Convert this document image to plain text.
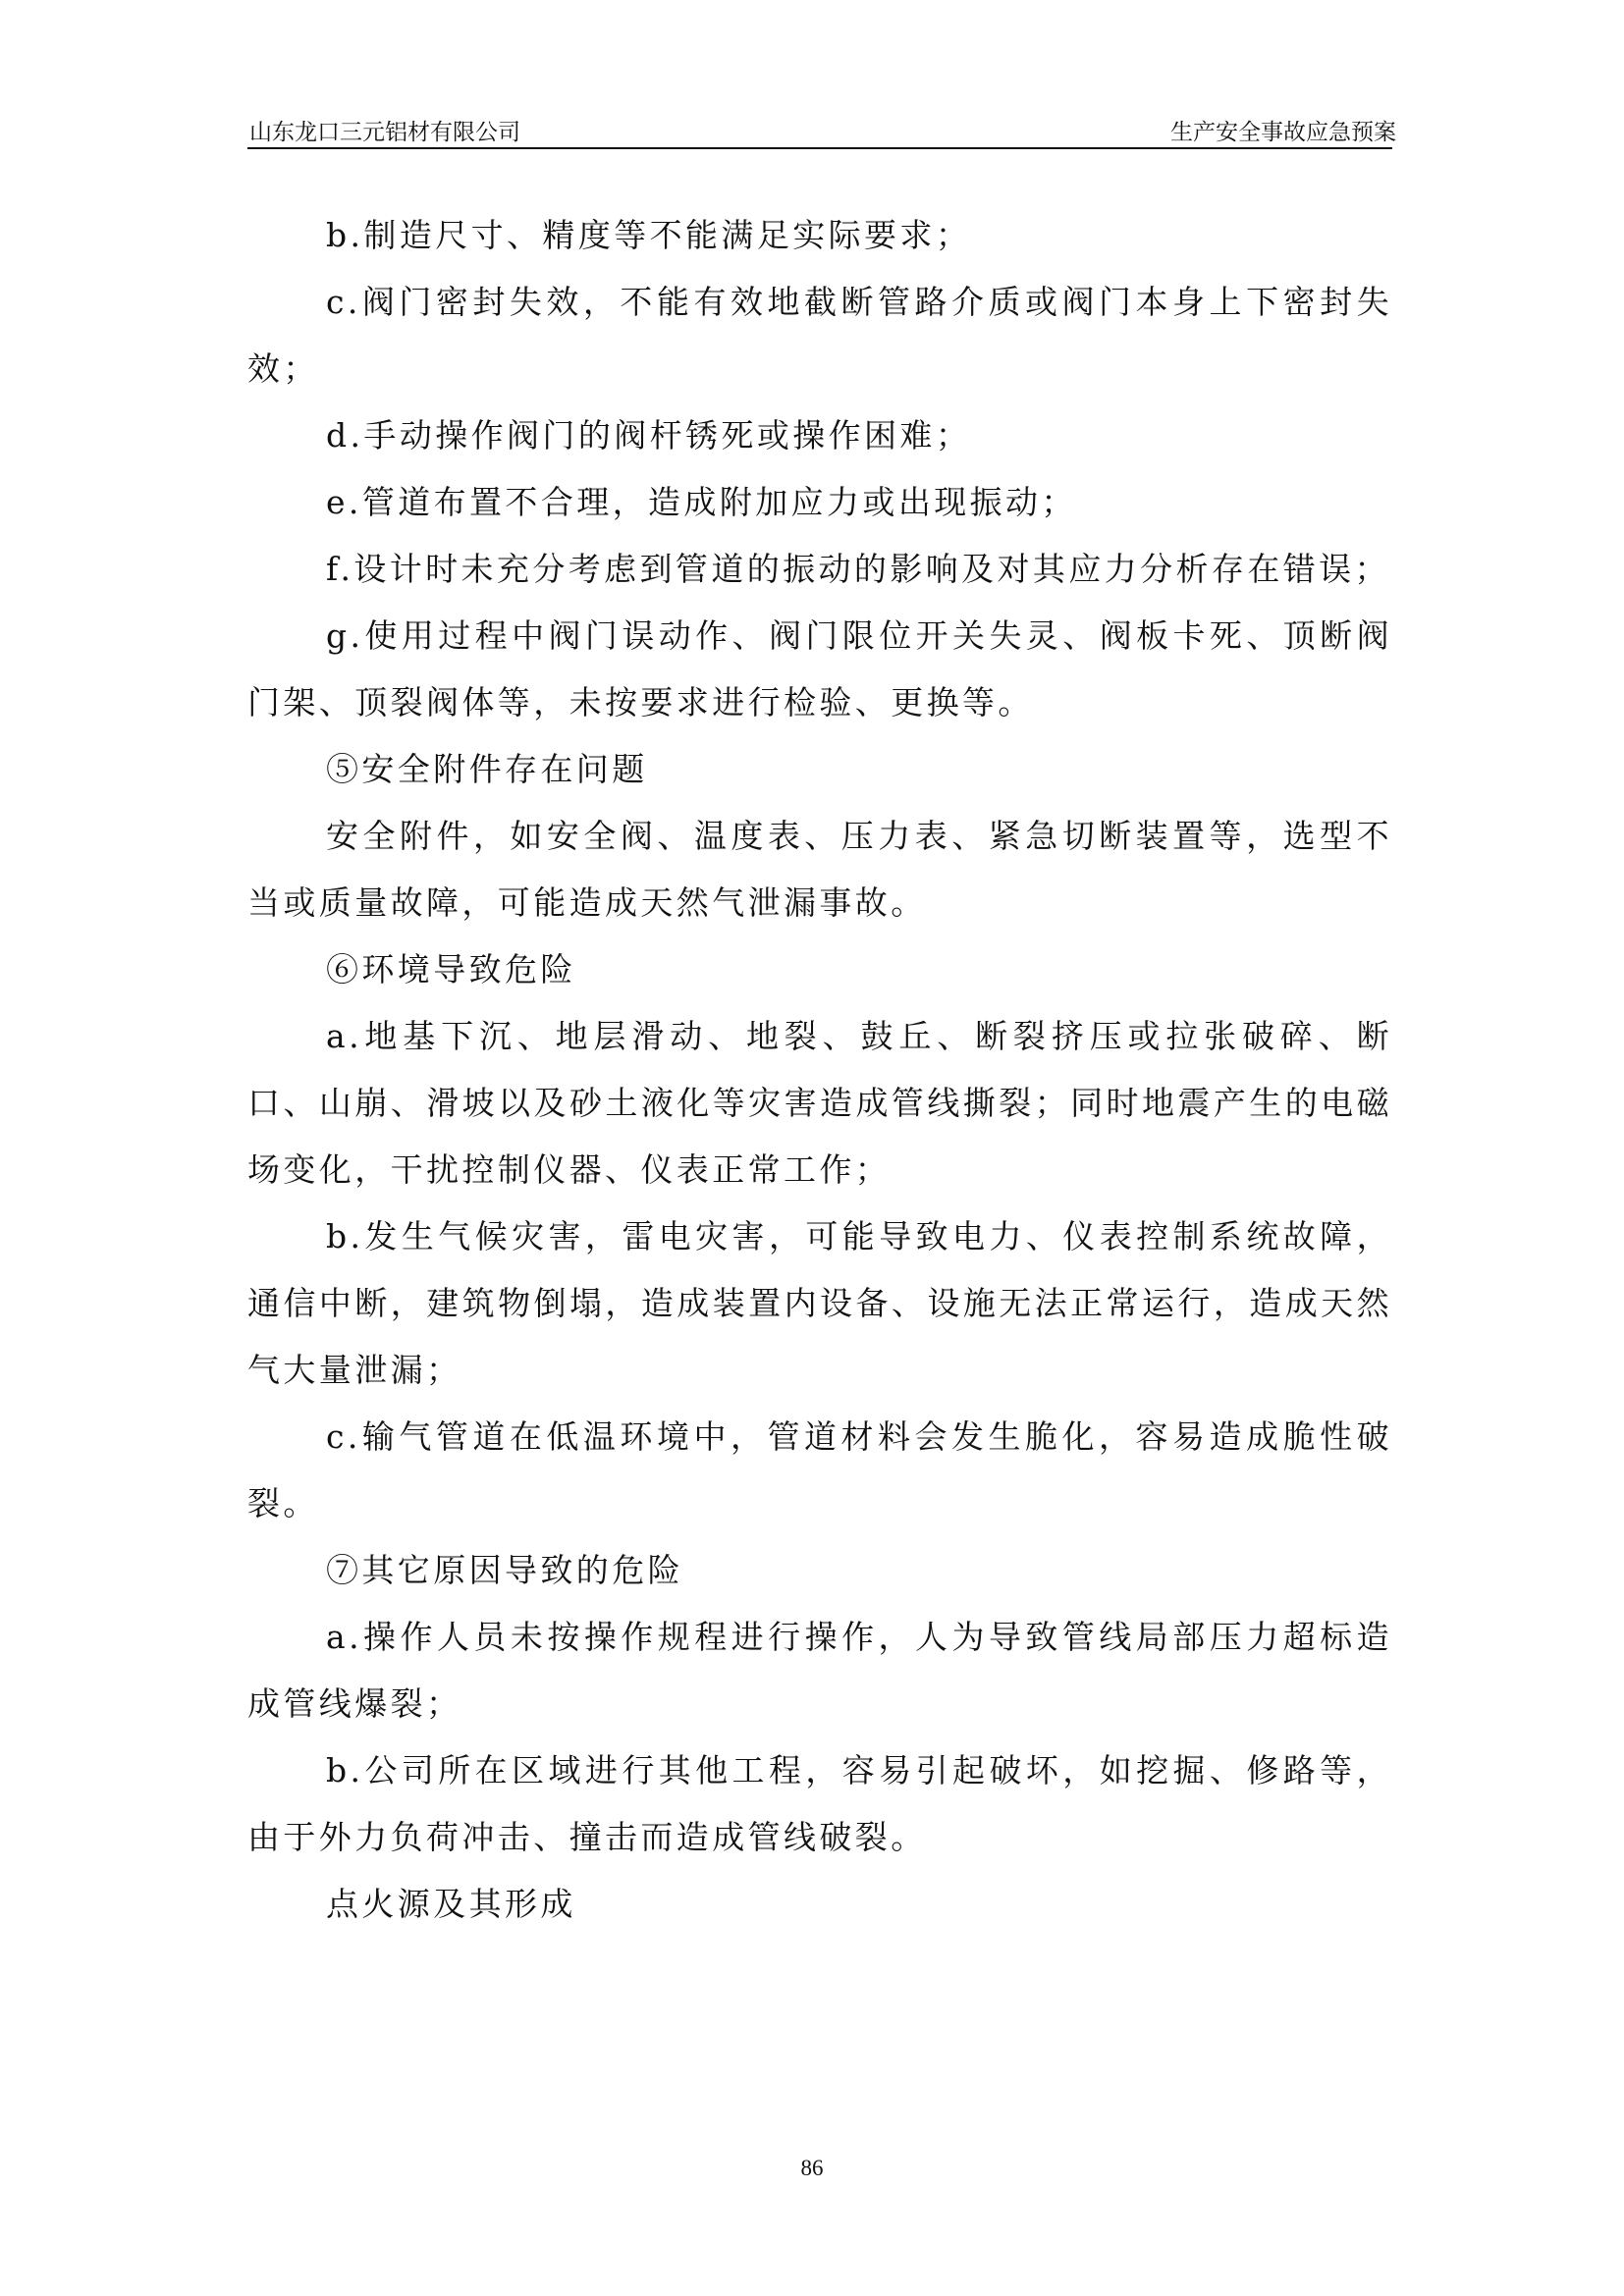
山东龙口三元铝材有限公司	生产安全事故应急预案

b.制造尺寸、精度等不能满足实际要求；

c.阀门密封失效，不能有效地截断管路介质或阀门本身上下密封失效；

d.手动操作阀门的阀杆锈死或操作困难；

e.管道布置不合理，造成附加应力或出现振动；

f.设计时未充分考虑到管道的振动的影响及对其应力分析存在错误；

g.使用过程中阀门误动作、阀门限位开关失灵、阀板卡死、顶断阀门架、顶裂阀体等，未按要求进行检验、更换等。

⑤安全附件存在问题

安全附件，如安全阀、温度表、压力表、紧急切断装置等，选型不当或质量故障，可能造成天然气泄漏事故。

⑥环境导致危险

a.地基下沉、地层滑动、地裂、鼓丘、断裂挤压或拉张破碎、断口、山崩、滑坡以及砂土液化等灾害造成管线撕裂；同时地震产生的电磁场变化，干扰控制仪器、仪表正常工作；

b.发生气候灾害，雷电灾害，可能导致电力、仪表控制系统故障，通信中断，建筑物倒塌，造成装置内设备、设施无法正常运行，造成天然气大量泄漏；

c.输气管道在低温环境中，管道材料会发生脆化，容易造成脆性破裂。

⑦其它原因导致的危险

a.操作人员未按操作规程进行操作，人为导致管线局部压力超标造成管线爆裂；

b.公司所在区域进行其他工程，容易引起破坏，如挖掘、修路等，由于外力负荷冲击、撞击而造成管线破裂。

点火源及其形成

86
